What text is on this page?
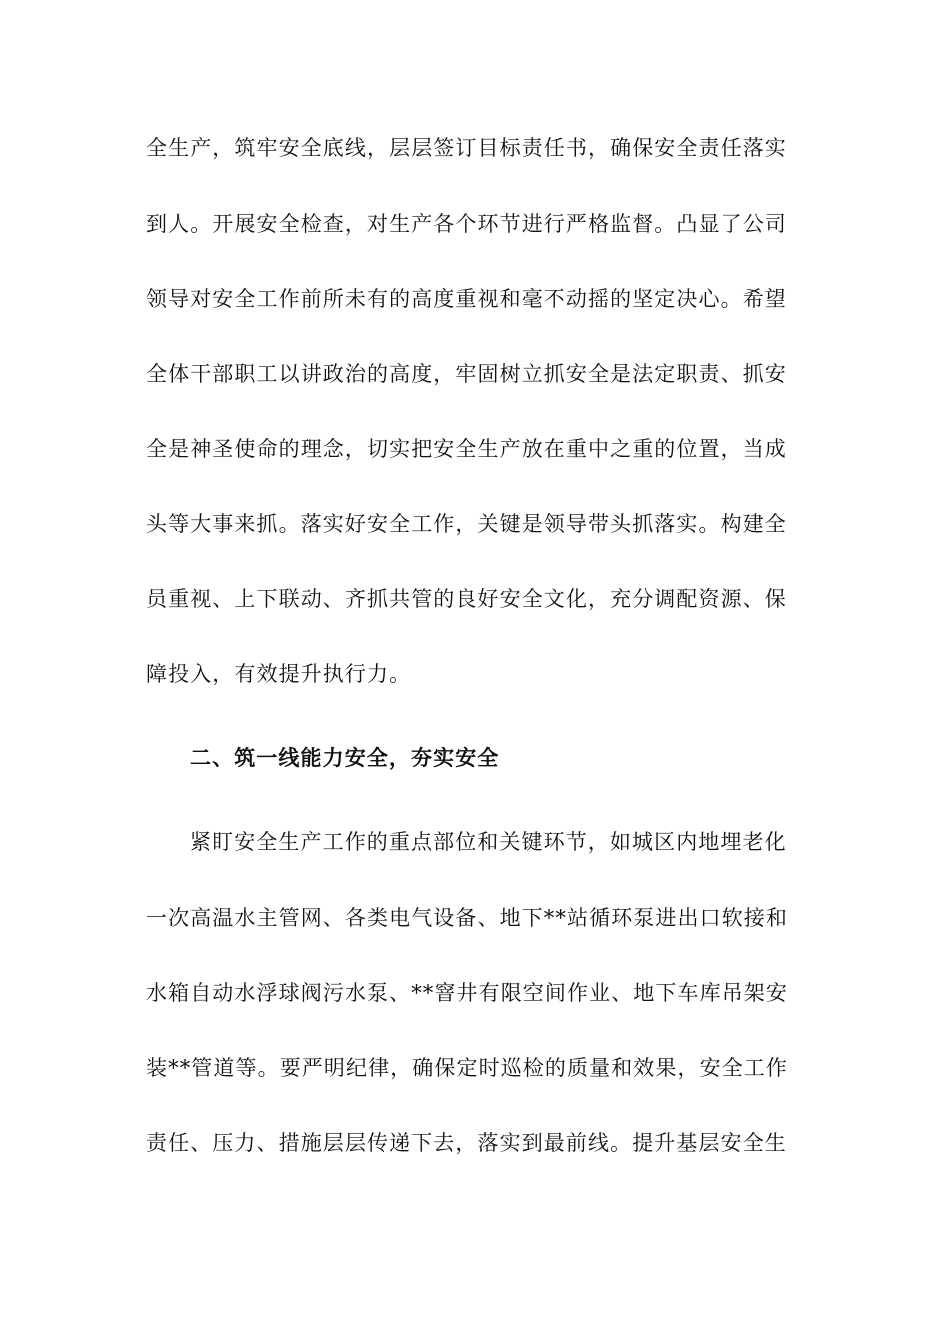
全生产，筑牢安全底线，层层签订目标责任书，确保安全责任落实
到人。开展安全检查，对生产各个环节进行严格监督。凸显了公司
领导对安全工作前所未有的高度重视和毫不动摇的坚定决心。希望
全体干部职工以讲政治的高度，牢固树立抓安全是法定职责、抓安
全是神圣使命的理念，切实把安全生产放在重中之重的位置，当成
头等大事来抓。落实好安全工作，关键是领导带头抓落实。构建全
员重视、上下联动、齐抓共管的良好安全文化，充分调配资源、保
障投入，有效提升执行力。
二、筑一线能力安全，夯实安全
紧盯安全生产工作的重点部位和关键环节，如城区内地埋老化
一次高温水主管网、各类电气设备、地下**站循环泵进出口软接和
水箱自动水浮球阀污水泵、**窨井有限空间作业、地下车库吊架安
装**管道等。要严明纪律，确保定时巡检的质量和效果，安全工作
责任、压力、措施层层传递下去，落实到最前线。提升基层安全生
